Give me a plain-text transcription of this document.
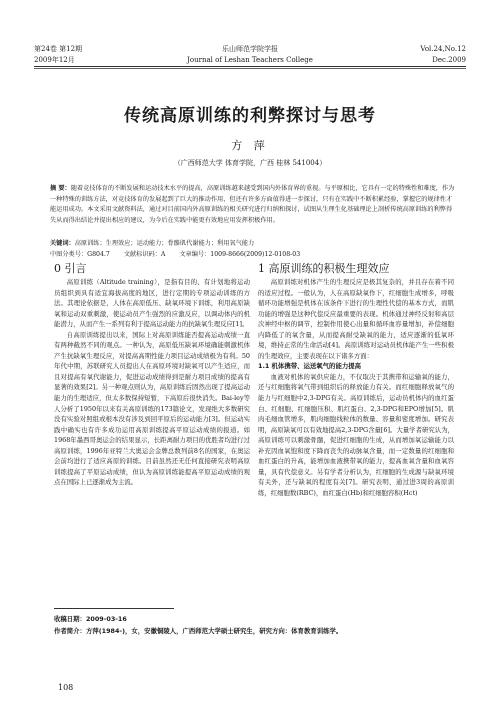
第24卷 第12期
2009年12月
乐山师范学院学报
Journal of Leshan Teachers College
Vol.24,No.12
Dec.2009
传统高原训练的利弊探讨与思考
方 萍
（广西师范大学 体育学院，广西 桂林 541004）
摘 要：随着竞技体育的不断发展和运动技术水平的提高，高原训练越来越受到国内外体育界的重视。与平原相比，它具有一定的特殊性和难度，作为一种特殊的训练方法，对竞技体育的发展起到了巨大的推动作用，但还有许多方面值得进一步探讨，只有在实践中不断积累经验，掌握它的规律性才能运用成功。本文采用文献资料法，通过对目前国内外高原训练的相关研究进行归纳和探讨，试图从生理生化基础理论上剖析传统高原训练的利弊得失从而得出结论并提出相应的建议，为今后在实践中能更有效地应用发挥积极作用。
关键词：高原训练；生理效应；运动能力；骨骼肌代谢能力；利用氧气能力
中图分类号：G804.7 文献标识码：A 文章编号：1009-8666(2009)12-0108-03
0 引言

高原训练（Altitude training），是指有目的、有计划地将运动员组织到具有适宜海拔高度的地区，进行定期的专项运动训练的方法。其理论依据是，人体在高原低压、缺氧环境下训练，利用高原缺氧和运动双重刺激，使运动员产生强烈的应激反应，以调动体内的机能潜力，从而产生一系列有利于提高运动能力的抗缺氧生理反应[1]。

自高原训练提出以来，国际上对高原训练能否提高运动成绩一直有两种截然不同的观点。一种认为，高原低压缺氧环境确能刺激机体产生抗缺氧生理反应，对提高高期性能力项目运动成绩极为有利。50年代中期，苏联研究人员提出人在高原环境对缺氧可以产生适应，而且对提高有氧代谢能力，促进运动成绩得到是耐力项目成绩的提高有显著的效果[2]。另一种观点则认为，高原训练后固然出现了提高运动能力的生理适应，但太多数保持短暂，下高原后很快消失。Bai-ley等人分析了1950年以来有关高原训练的173篇论文，发现绝大多数研究没有实验对照组或根本没有涉及到回平原后的运动能力[3]。但运动实践中确实也有许多成功运用高原训练提高平原运动成绩的报道。如1968年墨西哥奥运会的结果显示，长距离耐力项目的优胜者均进行过高原训练，1996年亚特兰大奥运会金牌总数列前8名的国家，在奥运会前均进行了适应高原的训练。目前虽然还无任何直接研究表明高原训练提高了平原运动成绩，但认为高原训练能提高平原运动成绩的观点在国际上已逐渐成为主流。

1 高原训练的积极生理效应

高原训练对机体产生的生理反应是极其复杂的，并且存在着不同的适应过程。一般认为，人在高原缺氧作下，红细胞生成增多，呼吸循环功能增强是机体在该条件下进行的生理性代偿的基本方式，而肌功能的增强是这种代偿反应最重要的表现。机体通过神经反射和高层次神经中枢的调节，控制作用使心出量和循环血容量增加，补偿细胞内降低了的氧含量，从而提高耐受缺氧的能力，适应逐渐的低氧环境，维持正常的生命活动[4]。高原训练对运动员机体能产生一些积极的生理效应，主要表现在以下诸多方面：

1.1 机体携带、运送氧气的能力提高

血液对机体的氧供应能力，不仅取决于其携带和运输氧的能力，还与红细胞将氧气带到组织后的释放能力有关。而红细胞释放氧气的能力与红细胞中2,3-DPG有关。高原训练后，运动员机体内的血红蛋白、红细胞、红细胞压积、肌红蛋白、2,3-DPG和EPO增加[5]。肌肉毛细血管增多，肌肉细胞线粒体的数量、容量和密度增加。研究表明，高原缺氧可以有效地提高2,3-DPG含量[6]。大量学者研究认为，高原训练可以刺激骨髓，促进红细胞的生成，从而增加氧运输能力以补充因血氧饱和度下降而丧失的动脉氧含量，而一定数量的红细胞和血红蛋白的升高，能增加血液携带氧的能力，提高血氧含量和血氧容量，具有代偿意义。另有学者分析认为，红细胞的生成源与缺氧环境有关外，还与缺氧的程度有关[7]。研究表明，通过进3周的高原训练，红细胞数(RBC)，血红蛋白(Hb)和红细胞容积(Hct)

收稿日期：2009-03-16
作者简介：方萍(1984-)，女，安徽铜陵人，广西师范大学硕士研究生，研究方向：体育教育训练学。
108
